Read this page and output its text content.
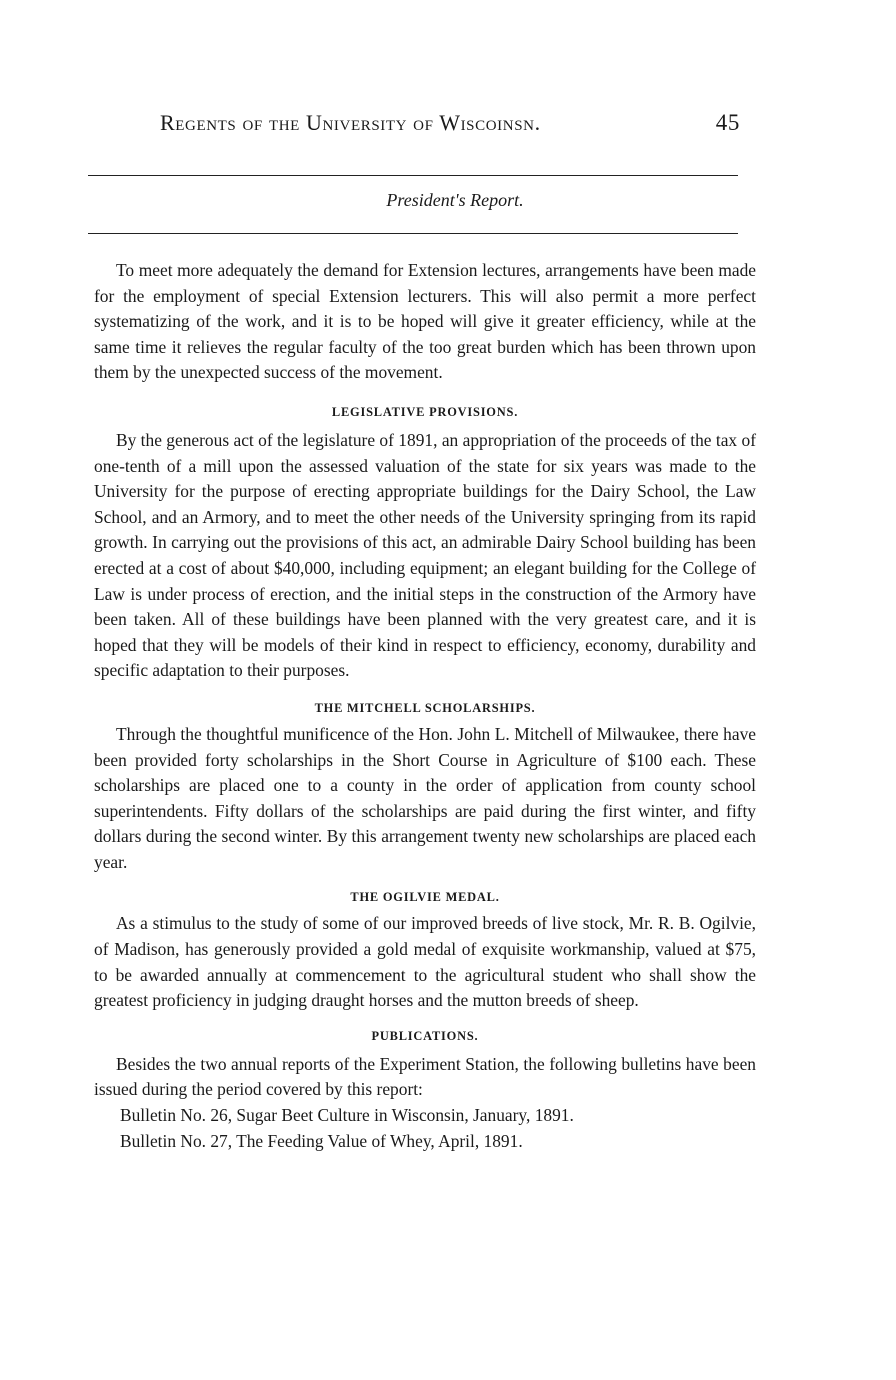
Regents of the University of Wiscoinsn.	45
President's Report.

To meet more adequately the demand for Extension lectures, arrangements have been made for the employment of special Extension lecturers. This will also permit a more perfect systematizing of the work, and it is to be hoped will give it greater efficiency, while at the same time it relieves the regular faculty of the too great burden which has been thrown upon them by the unexpected success of the movement.

LEGISLATIVE PROVISIONS.

By the generous act of the legislature of 1891, an appropriation of the proceeds of the tax of one-tenth of a mill upon the assessed valuation of the state for six years was made to the University for the purpose of erecting appropriate buildings for the Dairy School, the Law School, and an Armory, and to meet the other needs of the University springing from its rapid growth. In carrying out the provisions of this act, an admirable Dairy School building has been erected at a cost of about $40,000, including equipment; an elegant building for the College of Law is under process of erection, and the initial steps in the construction of the Armory have been taken. All of these buildings have been planned with the very greatest care, and it is hoped that they will be models of their kind in respect to efficiency, economy, durability and specific adaptation to their purposes.

THE MITCHELL SCHOLARSHIPS.

Through the thoughtful munificence of the Hon. John L. Mitchell of Milwaukee, there have been provided forty scholarships in the Short Course in Agriculture of $100 each. These scholarships are placed one to a county in the order of application from county school superintendents. Fifty dollars of the scholarships are paid during the first winter, and fifty dollars during the second winter. By this arrangement twenty new scholarships are placed each year.

THE OGILVIE MEDAL.

As a stimulus to the study of some of our improved breeds of live stock, Mr. R. B. Ogilvie, of Madison, has generously provided a gold medal of exquisite workmanship, valued at $75, to be awarded annually at commencement to the agricultural student who shall show the greatest proficiency in judging draught horses and the mutton breeds of sheep.

PUBLICATIONS.

Besides the two annual reports of the Experiment Station, the following bulletins have been issued during the period covered by this report:

Bulletin No. 26, Sugar Beet Culture in Wisconsin, January, 1891.
Bulletin No. 27, The Feeding Value of Whey, April, 1891.
